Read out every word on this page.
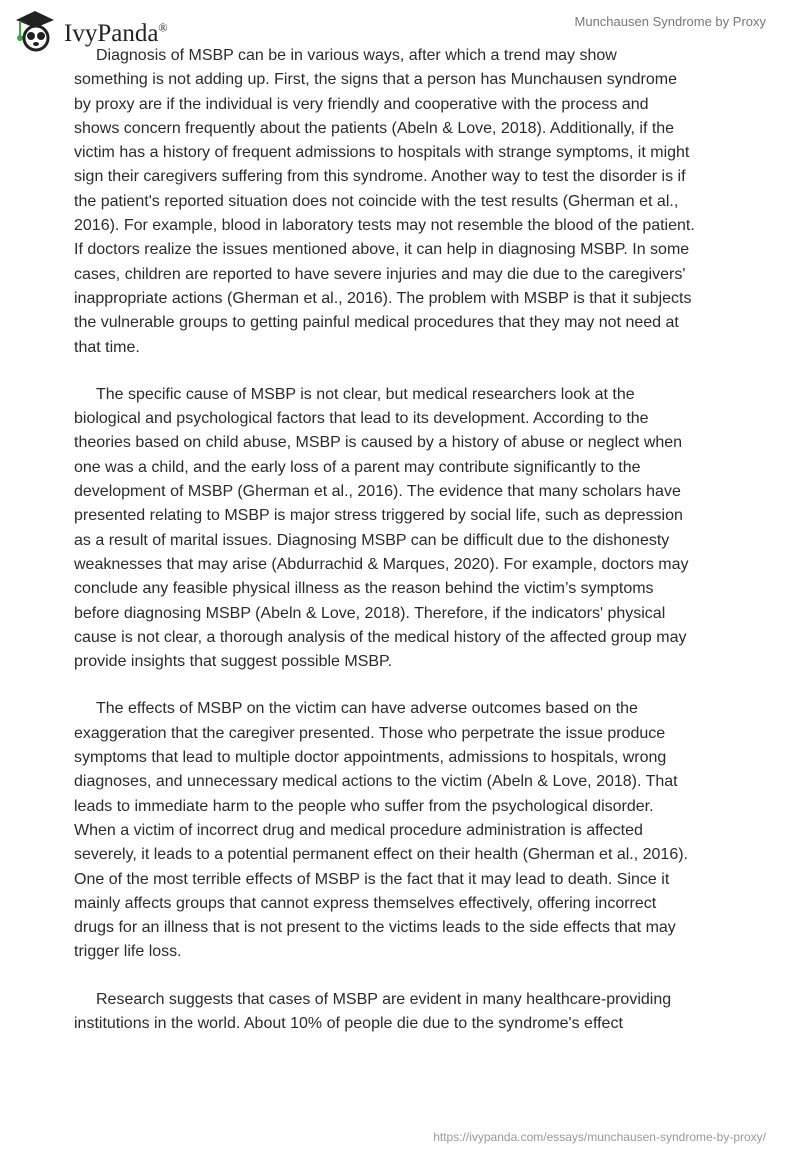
IvyPanda®	Munchausen Syndrome by Proxy

Diagnosis of MSBP can be in various ways, after which a trend may show
something is not adding up. First, the signs that a person has Munchausen syndrome
by proxy are if the individual is very friendly and cooperative with the process and
shows concern frequently about the patients (Abeln & Love, 2018). Additionally, if the
victim has a history of frequent admissions to hospitals with strange symptoms, it might
sign their caregivers suffering from this syndrome. Another way to test the disorder is if
the patient's reported situation does not coincide with the test results (Gherman et al.,
2016). For example, blood in laboratory tests may not resemble the blood of the patient.
If doctors realize the issues mentioned above, it can help in diagnosing MSBP. In some
cases, children are reported to have severe injuries and may die due to the caregivers'
inappropriate actions (Gherman et al., 2016). The problem with MSBP is that it subjects
the vulnerable groups to getting painful medical procedures that they may not need at
that time.

The specific cause of MSBP is not clear, but medical researchers look at the
biological and psychological factors that lead to its development. According to the
theories based on child abuse, MSBP is caused by a history of abuse or neglect when
one was a child, and the early loss of a parent may contribute significantly to the
development of MSBP (Gherman et al., 2016). The evidence that many scholars have
presented relating to MSBP is major stress triggered by social life, such as depression
as a result of marital issues. Diagnosing MSBP can be difficult due to the dishonesty
weaknesses that may arise (Abdurrachid & Marques, 2020). For example, doctors may
conclude any feasible physical illness as the reason behind the victim’s symptoms
before diagnosing MSBP (Abeln & Love, 2018). Therefore, if the indicators' physical
cause is not clear, a thorough analysis of the medical history of the affected group may
provide insights that suggest possible MSBP.

The effects of MSBP on the victim can have adverse outcomes based on the
exaggeration that the caregiver presented. Those who perpetrate the issue produce
symptoms that lead to multiple doctor appointments, admissions to hospitals, wrong
diagnoses, and unnecessary medical actions to the victim (Abeln & Love, 2018). That
leads to immediate harm to the people who suffer from the psychological disorder.
When a victim of incorrect drug and medical procedure administration is affected
severely, it leads to a potential permanent effect on their health (Gherman et al., 2016).
One of the most terrible effects of MSBP is the fact that it may lead to death. Since it
mainly affects groups that cannot express themselves effectively, offering incorrect
drugs for an illness that is not present to the victims leads to the side effects that may
trigger life loss.

Research suggests that cases of MSBP are evident in many healthcare-providing
institutions in the world. About 10% of people die due to the syndrome's effect

https://ivypanda.com/essays/munchausen-syndrome-by-proxy/
